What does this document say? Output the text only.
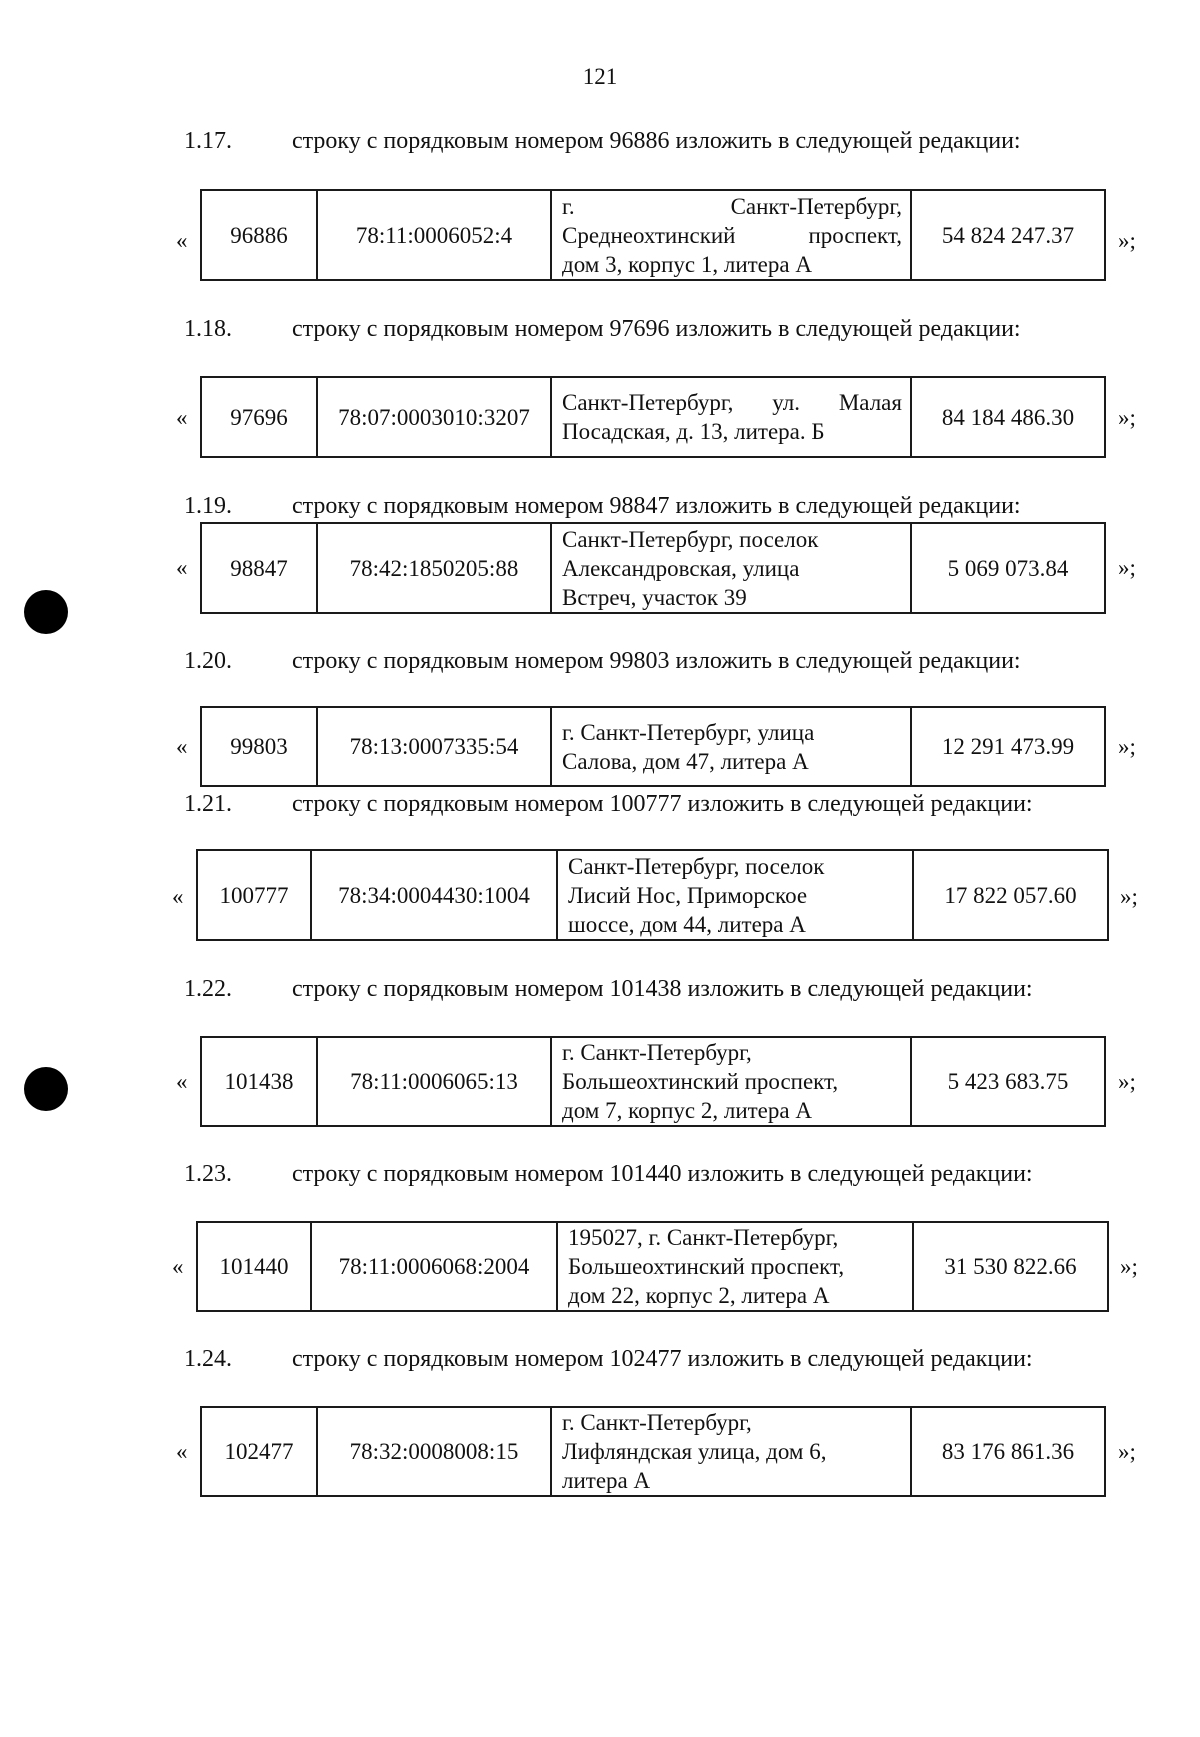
121
1.17.	строку с порядковым номером 96886 изложить в следующей редакции:
« 96886	78:11:0006052:4	
г.	Санкт-Петербург,
Среднеохтинский	проспект,
дом 3, корпус 1, литера А
	54 824 247.37 »;
1.18.	строку с порядковым номером 97696 изложить в следующей редакции:
« 97696	78:07:0003010:3207	
Санкт-Петербург, ул. Малая
Посадская, д. 13, литера. Б
	84 184 486.30 »;
1.19.	строку с порядковым номером 98847 изложить в следующей редакции:
« 98847	78:42:1850205:88	
Санкт-Петербург, поселок
Александровская, улица
Встреч, участок 39
	5 069 073.84 »;
1.20.	строку с порядковым номером 99803 изложить в следующей редакции:
« 99803	78:13:0007335:54	
г. Санкт-Петербург, улица
Салова, дом 47, литера А
	12 291 473.99 »;
1.21.	строку с порядковым номером 100777 изложить в следующей редакции:
« 100777	78:34:0004430:1004	
Санкт-Петербург, поселок
Лисий Нос, Приморское
шоссе, дом 44, литера А
	17 822 057.60 »;
1.22.	строку с порядковым номером 101438 изложить в следующей редакции:
« 101438	78:11:0006065:13	
г. Санкт-Петербург,
Большеохтинский проспект,
дом 7, корпус 2, литера А
	5 423 683.75 »;
1.23.	строку с порядковым номером 101440 изложить в следующей редакции:
« 101440	78:11:0006068:2004	
195027, г. Санкт-Петербург,
Большеохтинский проспект,
дом 22, корпус 2, литера А
	31 530 822.66 »;
1.24.	строку с порядковым номером 102477 изложить в следующей редакции:
« 102477	78:32:0008008:15	
г. Санкт-Петербург,
Лифляндская улица, дом 6,
литера А
	83 176 861.36 »;
